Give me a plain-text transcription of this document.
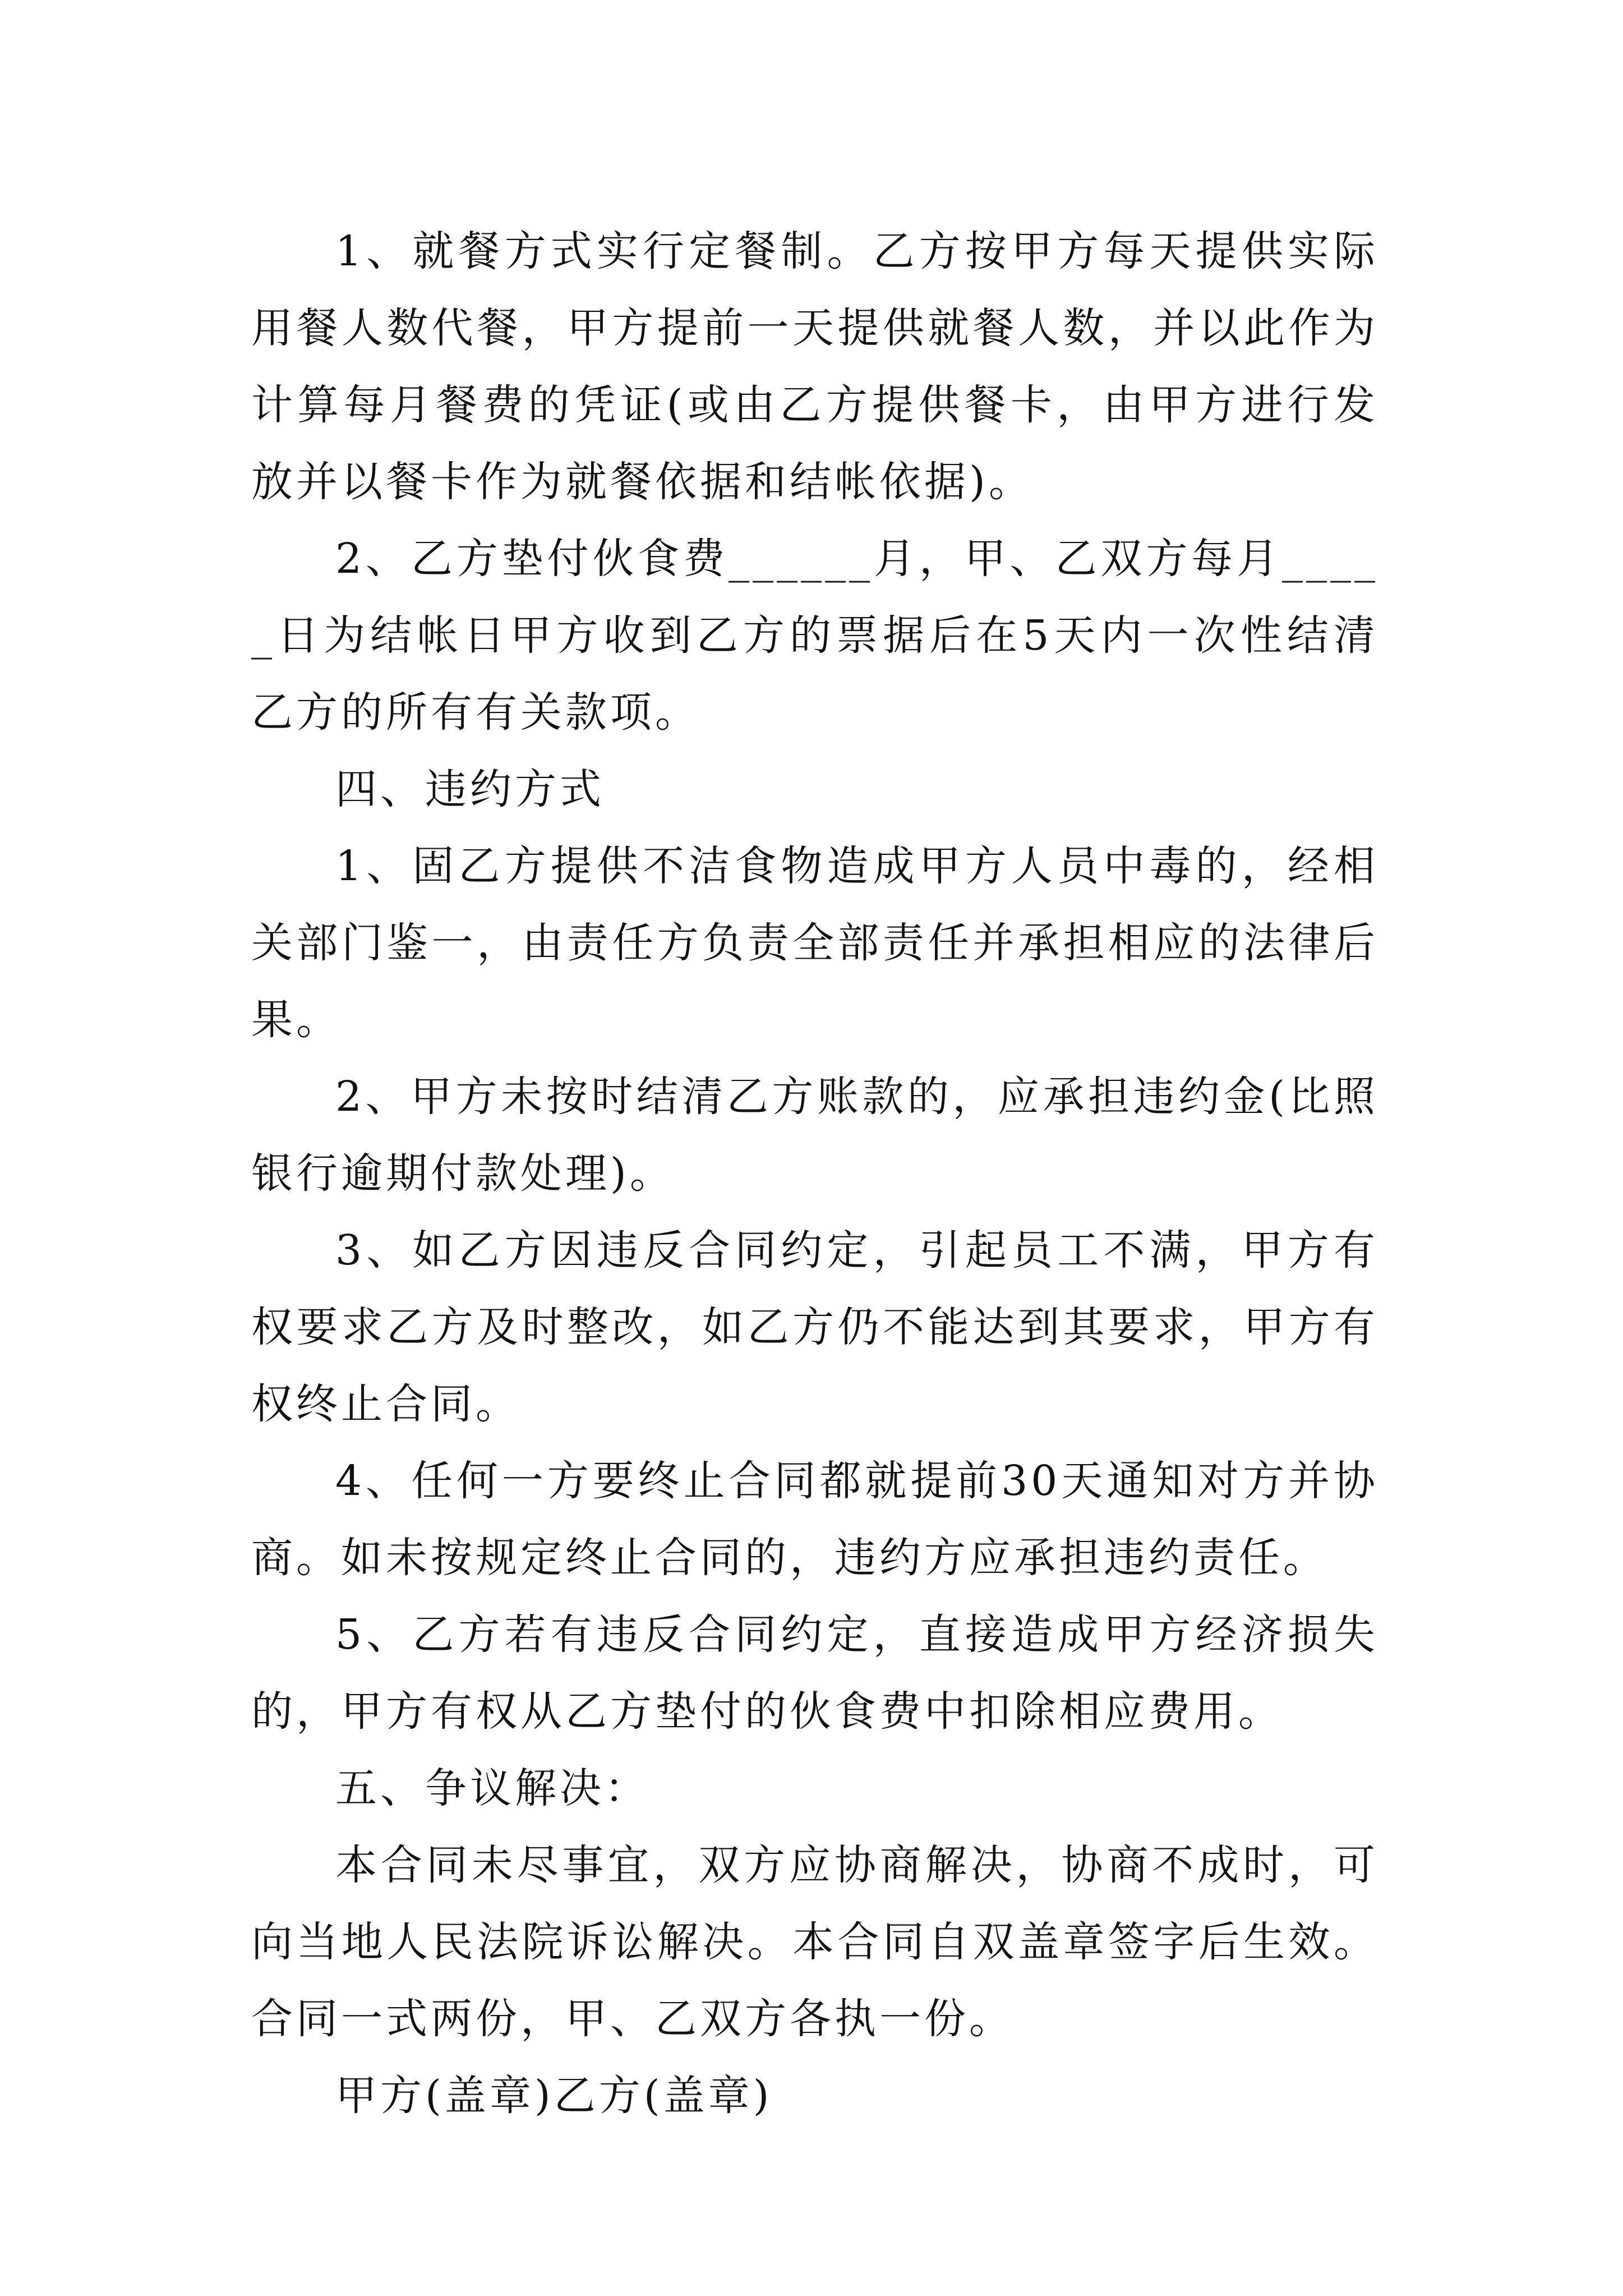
1、就餐方式实行定餐制。乙方按甲方每天提供实际用餐人数代餐，甲方提前一天提供就餐人数，并以此作为计算每月餐费的凭证(或由乙方提供餐卡，由甲方进行发放并以餐卡作为就餐依据和结帐依据)。

2、乙方垫付伙食费______月，甲、乙双方每月_____日为结帐日甲方收到乙方的票据后在5天内一次性结清乙方的所有有关款项。

四、违约方式

1、固乙方提供不洁食物造成甲方人员中毒的，经相关部门鉴一，由责任方负责全部责任并承担相应的法律后果。

2、甲方未按时结清乙方账款的，应承担违约金(比照银行逾期付款处理)。

3、如乙方因违反合同约定，引起员工不满，甲方有权要求乙方及时整改，如乙方仍不能达到其要求，甲方有权终止合同。

4、任何一方要终止合同都就提前30天通知对方并协商。如未按规定终止合同的，违约方应承担违约责任。

5、乙方若有违反合同约定，直接造成甲方经济损失的，甲方有权从乙方垫付的伙食费中扣除相应费用。

五、争议解决：

本合同未尽事宜，双方应协商解决，协商不成时，可向当地人民法院诉讼解决。本合同自双盖章签字后生效。合同一式两份，甲、乙双方各执一份。

甲方(盖章)乙方(盖章)
